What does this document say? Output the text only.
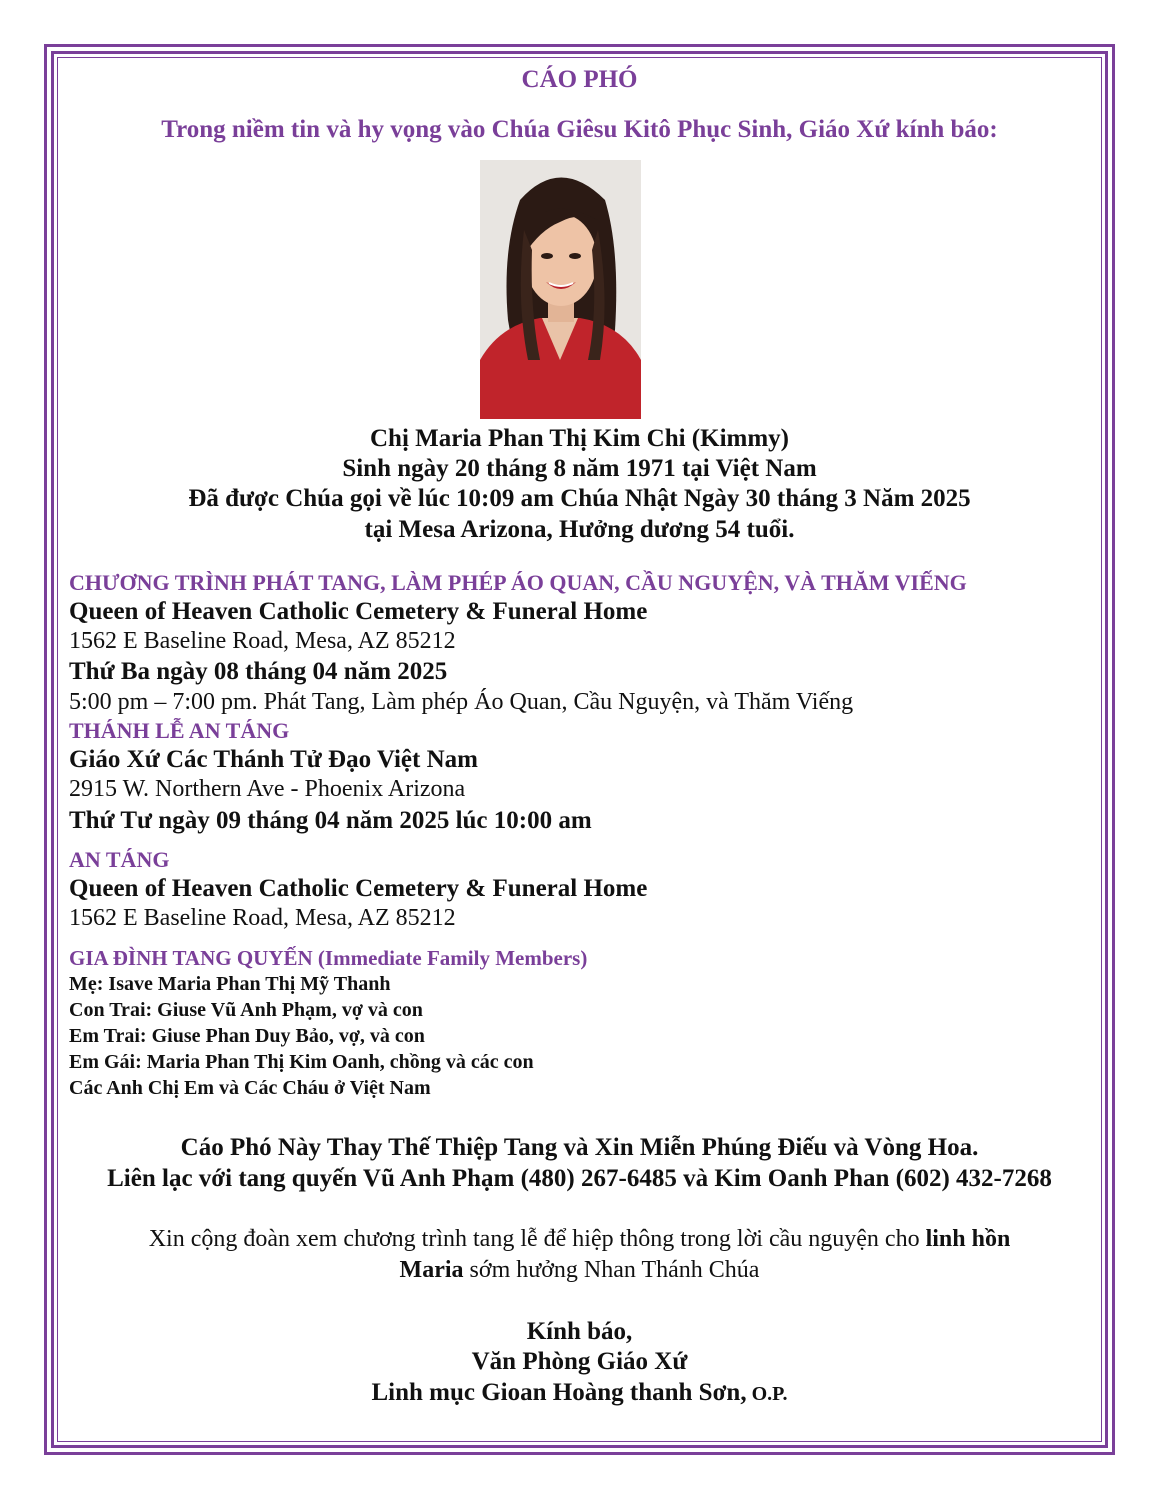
CÁO PHÓ
Trong niềm tin và hy vọng vào Chúa Giêsu Kitô Phục Sinh, Giáo Xứ kính báo:
Chị Maria Phan Thị Kim Chi (Kimmy)
Sinh ngày 20 tháng 8 năm 1971 tại Việt Nam
Đã được Chúa gọi về lúc 10:09 am Chúa Nhật Ngày 30 tháng 3 Năm 2025
tại Mesa Arizona, Hưởng dương 54 tuổi.
CHƯƠNG TRÌNH PHÁT TANG, LÀM PHÉP ÁO QUAN, CẦU NGUYỆN, VÀ THĂM VIẾNG
Queen of Heaven Catholic Cemetery & Funeral Home
1562 E Baseline Road, Mesa, AZ 85212
Thứ Ba ngày 08 tháng 04 năm 2025
5:00 pm – 7:00 pm. Phát Tang, Làm phép Áo Quan, Cầu Nguyện, và Thăm Viếng
THÁNH LỄ AN TÁNG
Giáo Xứ Các Thánh Tử Đạo Việt Nam
2915 W. Northern Ave - Phoenix Arizona
Thứ Tư ngày 09 tháng 04 năm 2025 lúc 10:00 am
AN TÁNG
Queen of Heaven Catholic Cemetery & Funeral Home
1562 E Baseline Road, Mesa, AZ 85212
GIA ĐÌNH TANG QUYẾN (Immediate Family Members)
Mẹ: Isave Maria Phan Thị Mỹ Thanh
Con Trai: Giuse Vũ Anh Phạm, vợ và con
Em Trai: Giuse Phan Duy Bảo, vợ, và con
Em Gái: Maria Phan Thị Kim Oanh, chồng và các con
Các Anh Chị Em và Các Cháu ở Việt Nam
Cáo Phó Này Thay Thế Thiệp Tang và Xin Miễn Phúng Điếu và Vòng Hoa.
Liên lạc với tang quyến Vũ Anh Phạm (480) 267-6485 và Kim Oanh Phan (602) 432-7268
Xin cộng đoàn xem chương trình tang lễ để hiệp thông trong lời cầu nguyện cho linh hồn
Maria sớm hưởng Nhan Thánh Chúa
Kính báo,
Văn Phòng Giáo Xứ
Linh mục Gioan Hoàng thanh Sơn, O.P.
